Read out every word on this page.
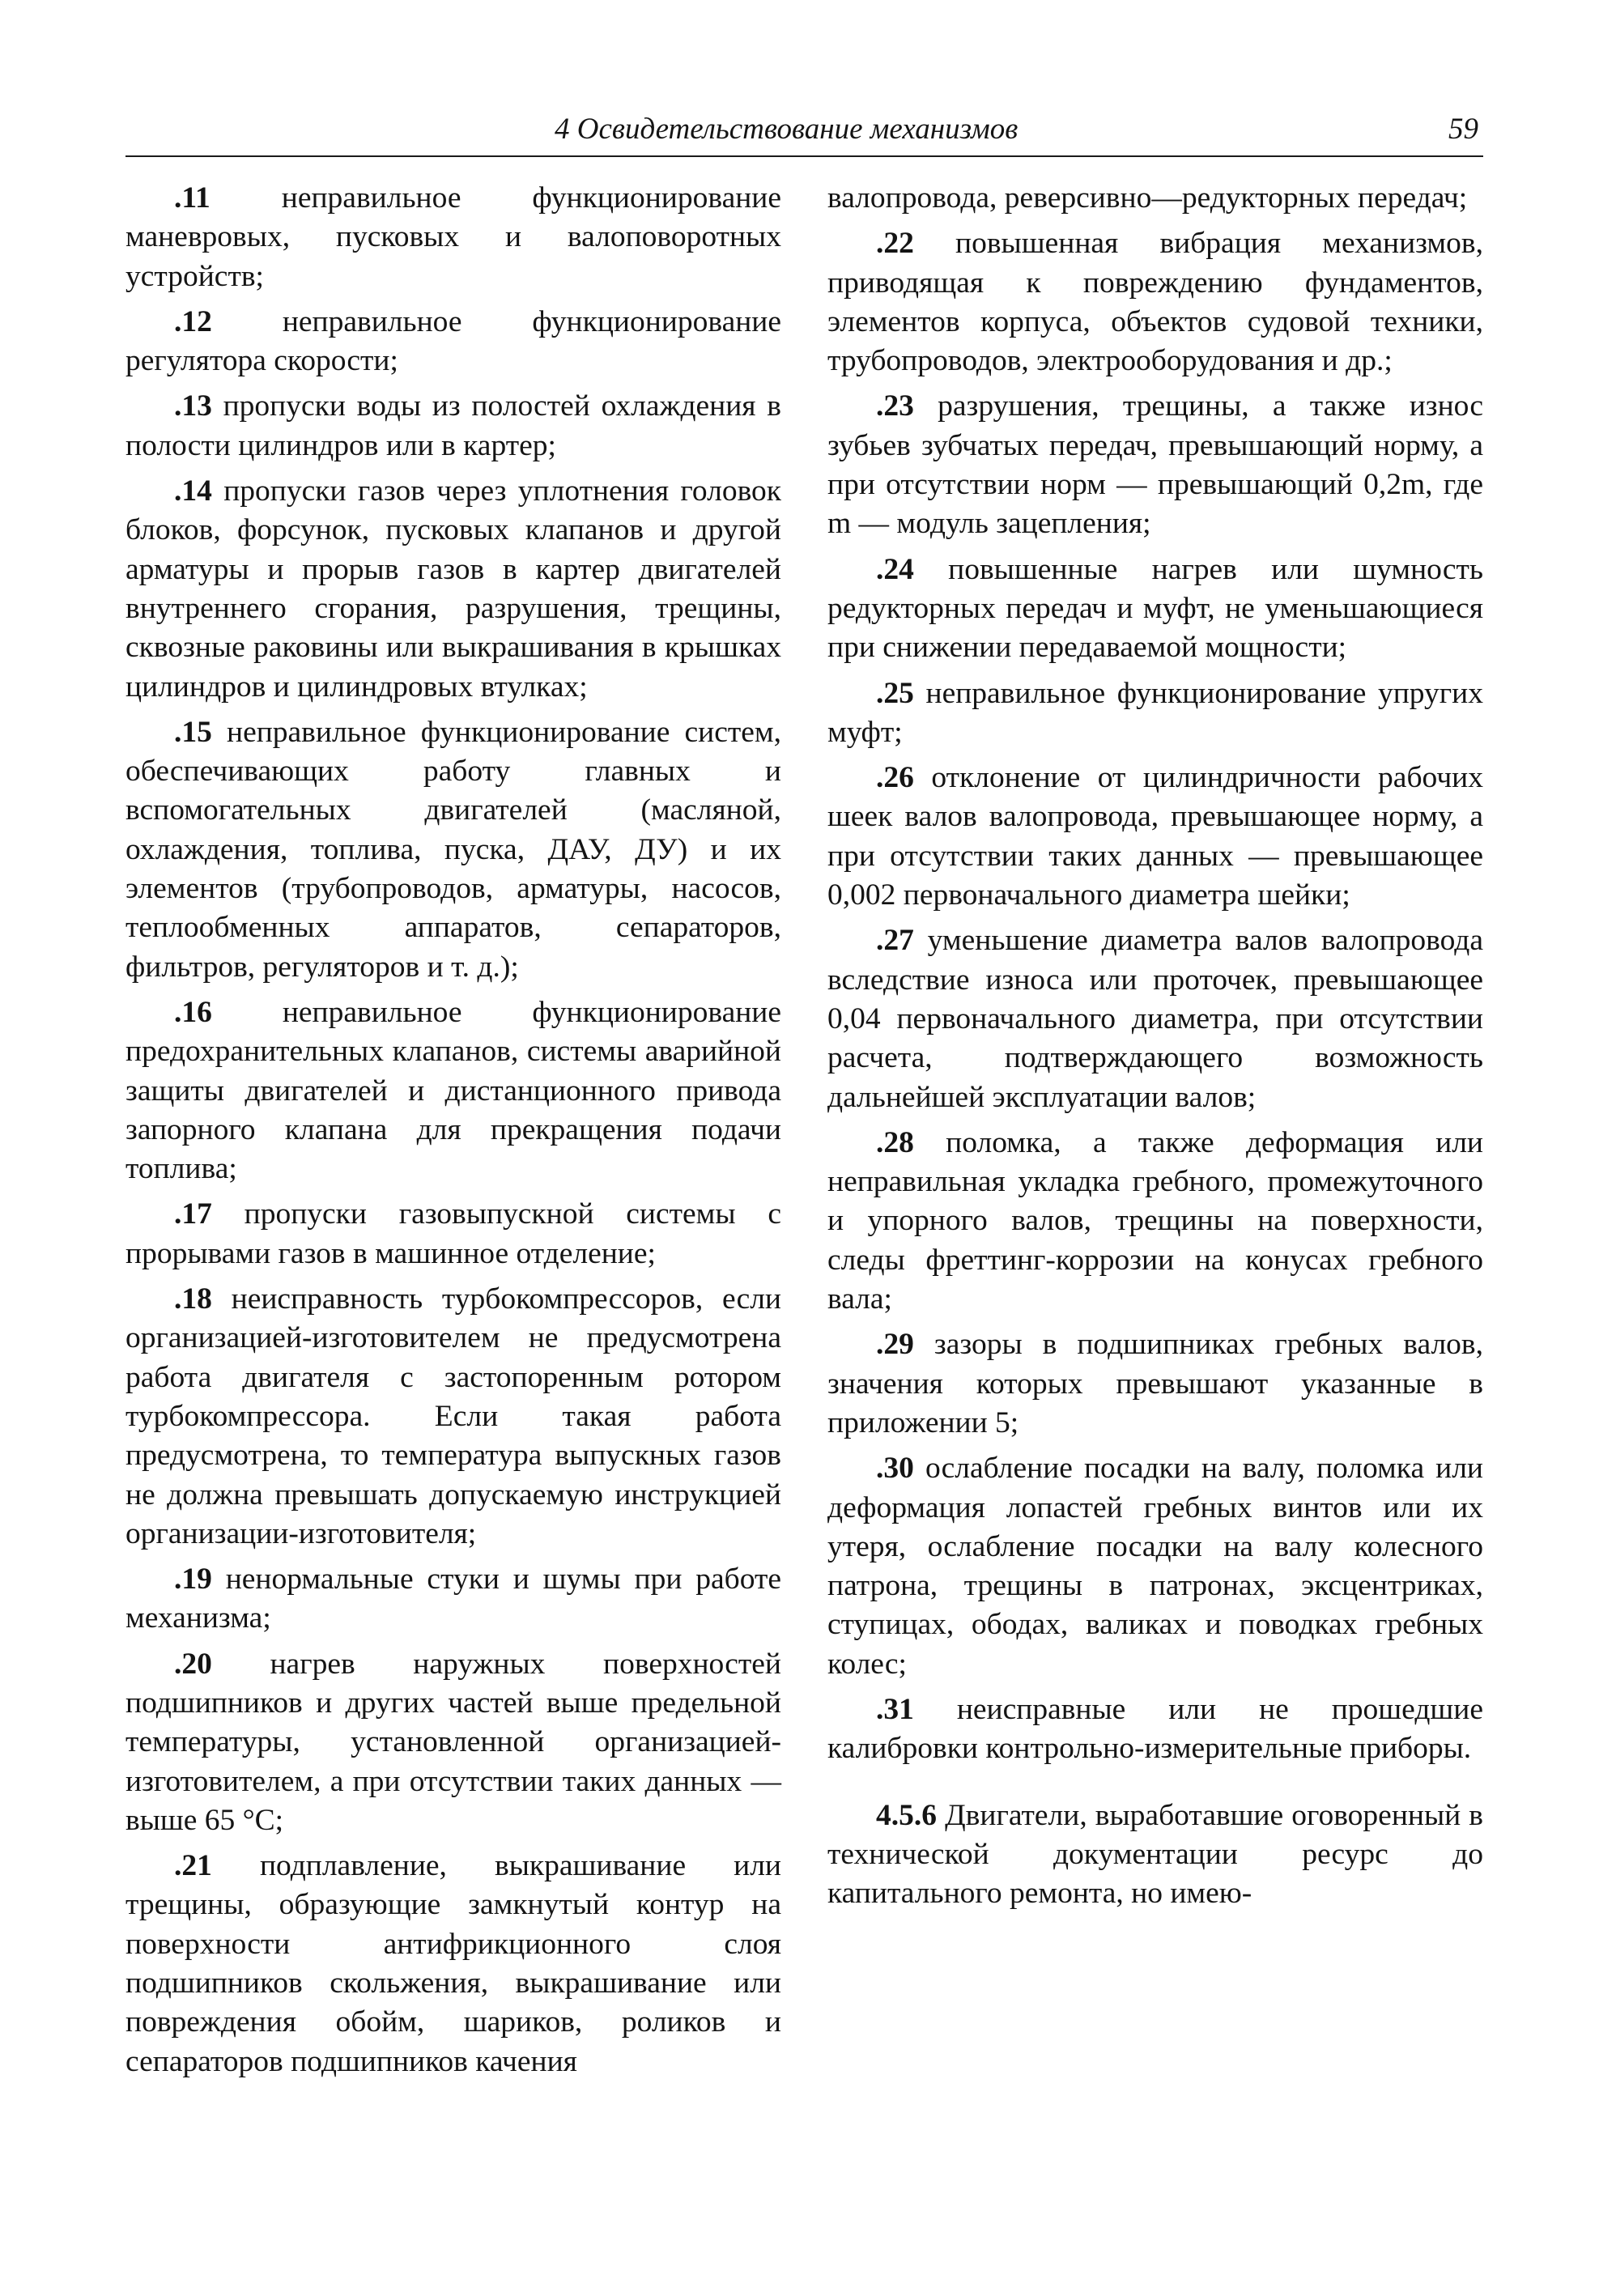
4 Освидетельствование механизмов	59

.11 неправильное функционирование маневровых, пусковых и валоповоротных устройств;

.12 неправильное функционирование регулятора скорости;

.13 пропуски воды из полостей охлаждения в полости цилиндров или в картер;

.14 пропуски газов через уплотнения головок блоков, форсунок, пусковых клапанов и другой арматуры и прорыв газов в картер двигателей внутреннего сгорания, разрушения, трещины, сквозные раковины или выкрашивания в крышках цилиндров и цилиндровых втулках;

.15 неправильное функционирование систем, обеспечивающих работу главных и вспомогательных двигателей (масляной, охлаждения, топлива, пуска, ДАУ, ДУ) и их элементов (трубопроводов, арматуры, насосов, теплообменных аппаратов, сепараторов, фильтров, регуляторов и т. д.);

.16 неправильное функционирование предохранительных клапанов, системы аварийной защиты двигателей и дистанционного привода запорного клапана для прекращения подачи топлива;

.17 пропуски газовыпускной системы с прорывами газов в машинное отделение;

.18 неисправность турбокомпрессоров, если организацией-изготовителем не предусмотрена работа двигателя с застопоренным ротором турбокомпрессора. Если такая работа предусмотрена, то температура выпускных газов не должна превышать допускаемую инструкцией организации-изготовителя;

.19 ненормальные стуки и шумы при работе механизма;

.20 нагрев наружных поверхностей подшипников и других частей выше предельной температуры, установленной организацией-изготовителем, а при отсутствии таких данных — выше 65 °С;

.21 подплавление, выкрашивание или трещины, образующие замкнутый контур на поверхности антифрикционного слоя подшипников скольжения, выкрашивание или повреждения обойм, шариков, роликов и сепараторов подшипников качения

валопровода, реверсивно—редукторных передач;

.22 повышенная вибрация механизмов, приводящая к повреждению фундаментов, элементов корпуса, объектов судовой техники, трубопроводов, электрооборудования и др.;

.23 разрушения, трещины, а также износ зубьев зубчатых передач, превышающий норму, а при отсутствии норм — превышающий 0,2m, где m — модуль зацепления;

.24 повышенные нагрев или шумность редукторных передач и муфт, не уменьшающиеся при снижении передаваемой мощности;

.25 неправильное функционирование упругих муфт;

.26 отклонение от цилиндричности рабочих шеек валов валопровода, превышающее норму, а при отсутствии таких данных — превышающее 0,002 первоначального диаметра шейки;

.27 уменьшение диаметра валов валопровода вследствие износа или проточек, превышающее 0,04 первоначального диаметра, при отсутствии расчета, подтверждающего возможность дальнейшей эксплуатации валов;

.28 поломка, а также деформация или неправильная укладка гребного, промежуточного и упорного валов, трещины на поверхности, следы фреттинг-коррозии на конусах гребного вала;

.29 зазоры в подшипниках гребных валов, значения которых превышают указанные в приложении 5;

.30 ослабление посадки на валу, поломка или деформация лопастей гребных винтов или их утеря, ослабление посадки на валу колесного патрона, трещины в патронах, эксцентриках, ступицах, ободах, валиках и поводках гребных колес;

.31 неисправные или не прошедшие калибровки контрольно-измерительные приборы.

4.5.6 Двигатели, выработавшие оговоренный в технической документации ресурс до капитального ремонта, но имею-
